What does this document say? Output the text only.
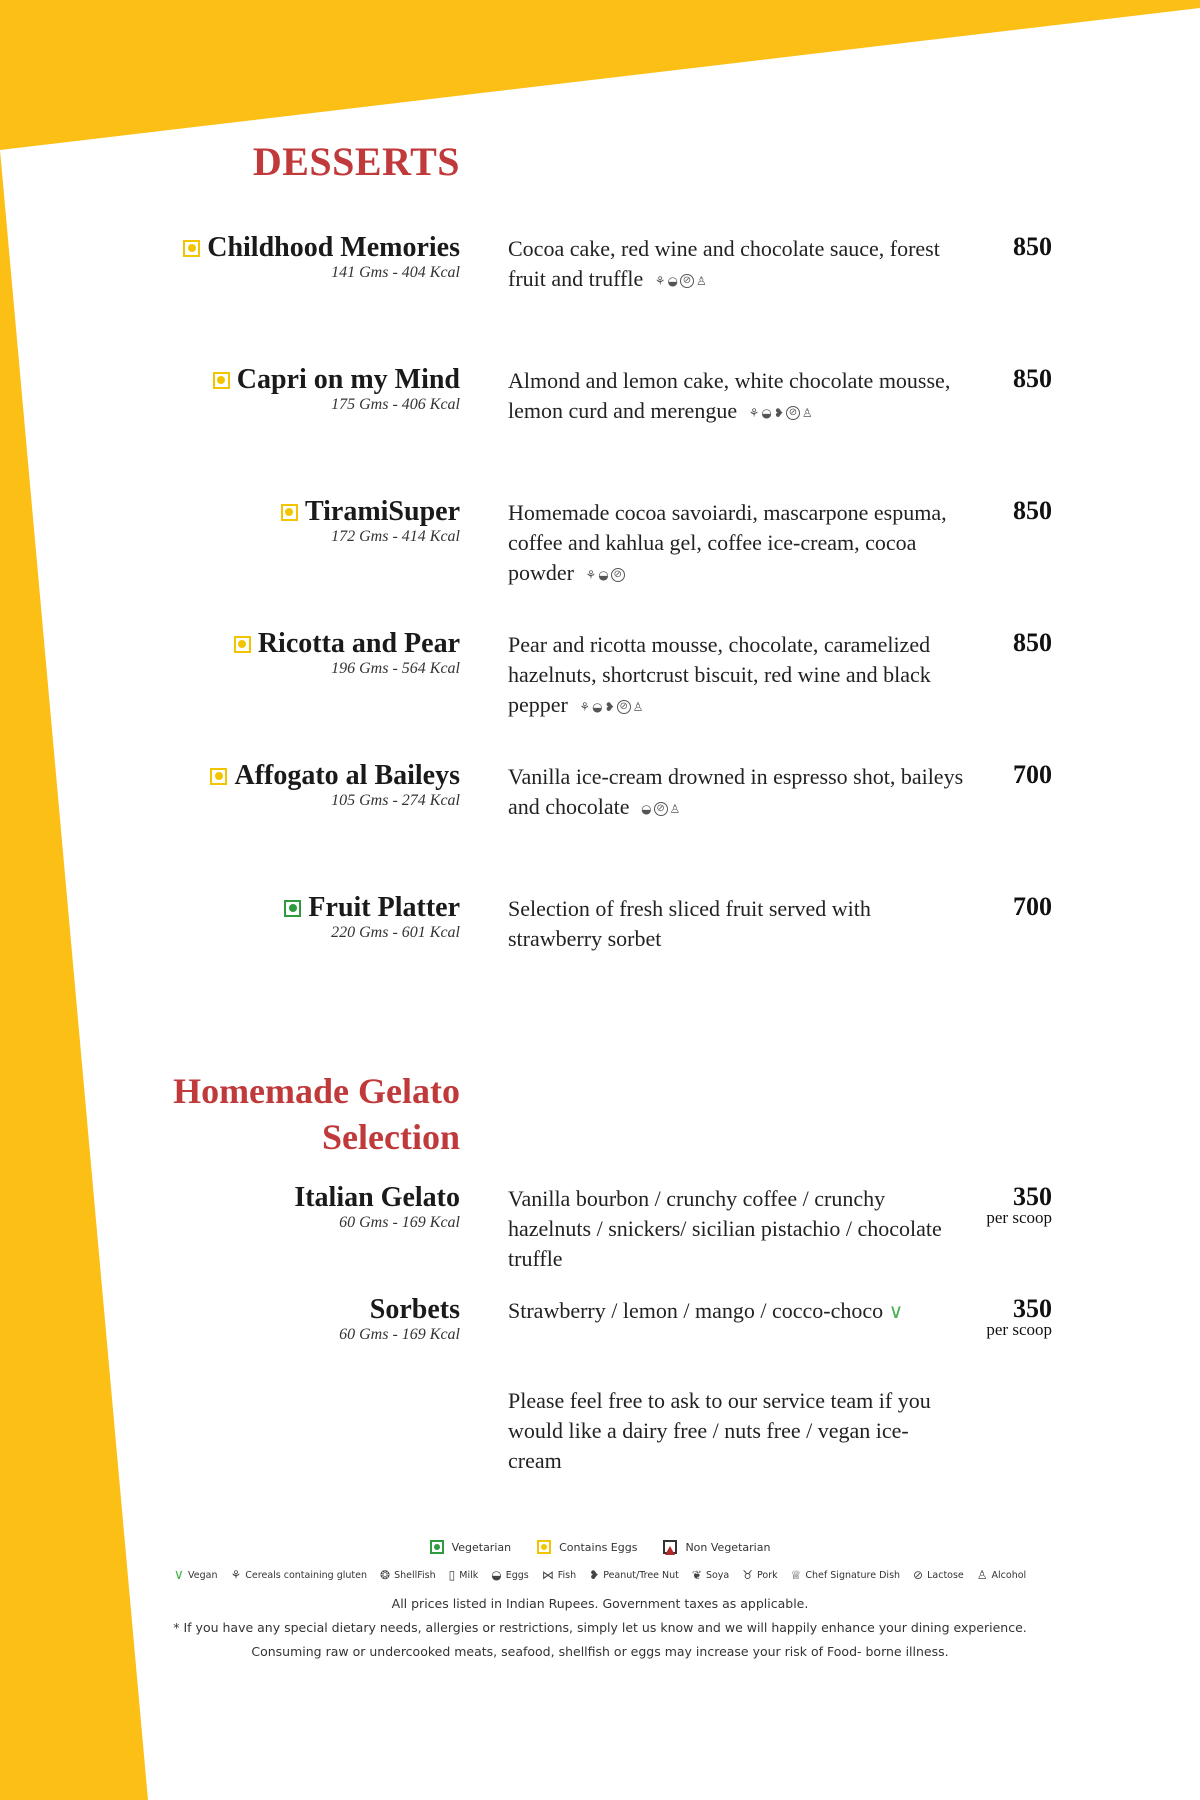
DESSERTS
Childhood Memories
141 Gms - 404 Kcal
Cocoa cake, red wine and chocolate sauce, forest fruit and truffle ⚘ ◒ ⊘ ♙
850
Capri on my Mind
175 Gms - 406 Kcal
Almond and lemon cake, white chocolate mousse, lemon curd and merengue ⚘ ◒ ❥ ⊘ ♙
850
TiramiSuper
172 Gms - 414 Kcal
Homemade cocoa savoiardi, mascarpone espuma, coffee and kahlua gel, coffee ice-cream, cocoa powder ⚘ ◒ ⊘
850
Ricotta and Pear
196 Gms - 564 Kcal
Pear and ricotta mousse, chocolate, caramelized hazelnuts, shortcrust biscuit, red wine and black pepper ⚘ ◒ ❥ ⊘ ♙
850
Affogato al Baileys
105 Gms - 274 Kcal
Vanilla ice-cream drowned in espresso shot, baileys and chocolate ◒ ⊘ ♙
700
Fruit Platter
220 Gms - 601 Kcal
Selection of fresh sliced fruit served with strawberry sorbet
700
Homemade Gelato
Selection
Italian Gelato
60 Gms - 169 Kcal
Vanilla bourbon / crunchy coffee / crunchy hazelnuts / snickers/ sicilian pistachio / chocolate truffle
350
per scoop
Sorbets
60 Gms - 169 Kcal
Strawberry / lemon / mango / cocco-choco ∨	350
per scoop
Please feel free to ask to our service team if you would like a dairy free / nuts free / vegan ice-cream
Vegetarian	Contains Eggs	Non Vegetarian
∨ Vegan ⚘ Cereals containing gluten ❂ ShellFish ▯ Milk ◒ Eggs ⋈ Fish ❥ Peanut/Tree Nut ❦ Soya ♉ Pork ♕ Chef Signature Dish ⊘ Lactose ♙ Alcohol
All prices listed in Indian Rupees. Government taxes as applicable.
* If you have any special dietary needs, allergies or restrictions, simply let us know and we will happily enhance your dining experience.
Consuming raw or undercooked meats, seafood, shellfish or eggs may increase your risk of Food- borne illness.
